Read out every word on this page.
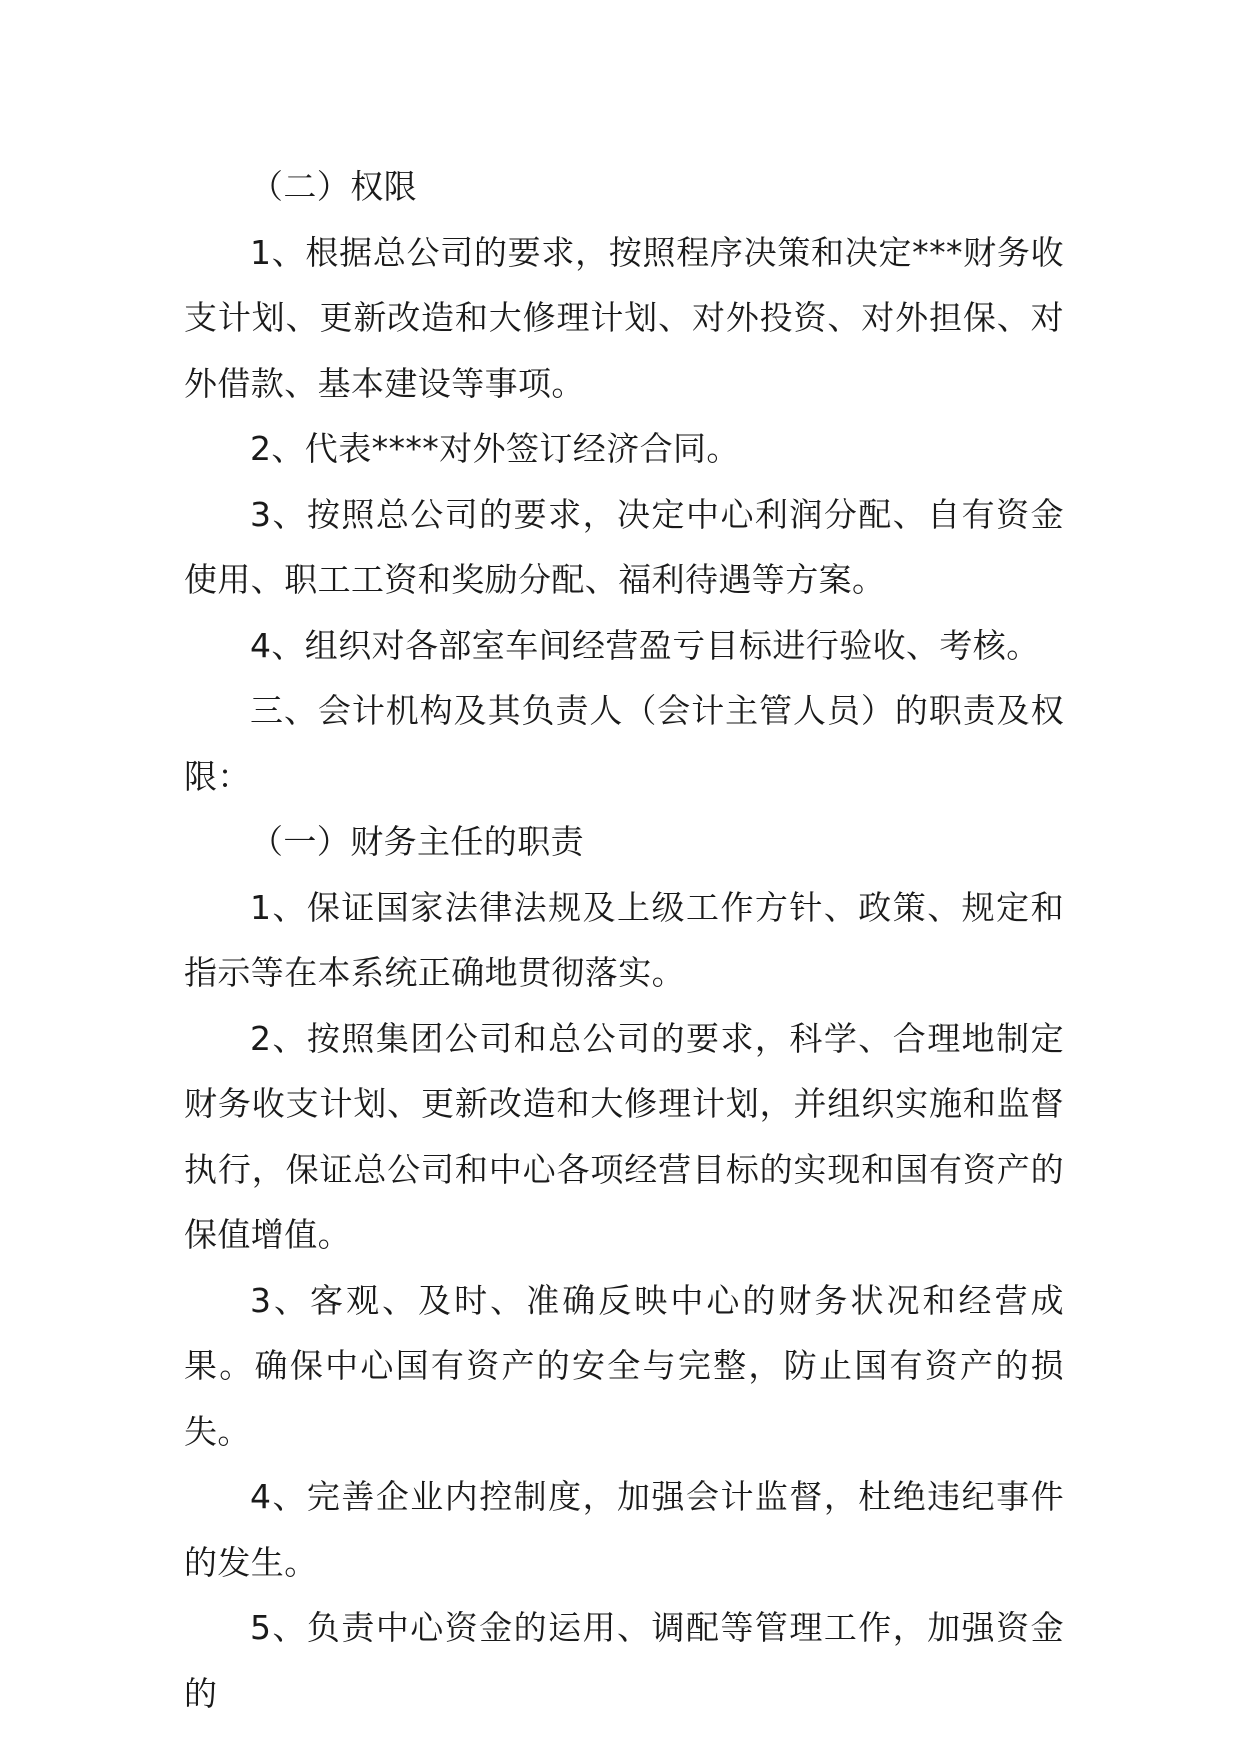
（二）权限

1、根据总公司的要求，按照程序决策和决定***财务收支计划、更新改造和大修理计划、对外投资、对外担保、对外借款、基本建设等事项。

2、代表****对外签订经济合同。

3、按照总公司的要求，决定中心利润分配、自有资金使用、职工工资和奖励分配、福利待遇等方案。

4、组织对各部室车间经营盈亏目标进行验收、考核。

三、会计机构及其负责人（会计主管人员）的职责及权限：

（一）财务主任的职责

1、保证国家法律法规及上级工作方针、政策、规定和指示等在本系统正确地贯彻落实。

2、按照集团公司和总公司的要求，科学、合理地制定财务收支计划、更新改造和大修理计划，并组织实施和监督执行，保证总公司和中心各项经营目标的实现和国有资产的保值增值。

3、客观、及时、准确反映中心的财务状况和经营成果。确保中心国有资产的安全与完整，防止国有资产的损失。

4、完善企业内控制度，加强会计监督，杜绝违纪事件的发生。

5、负责中心资金的运用、调配等管理工作，加强资金的
